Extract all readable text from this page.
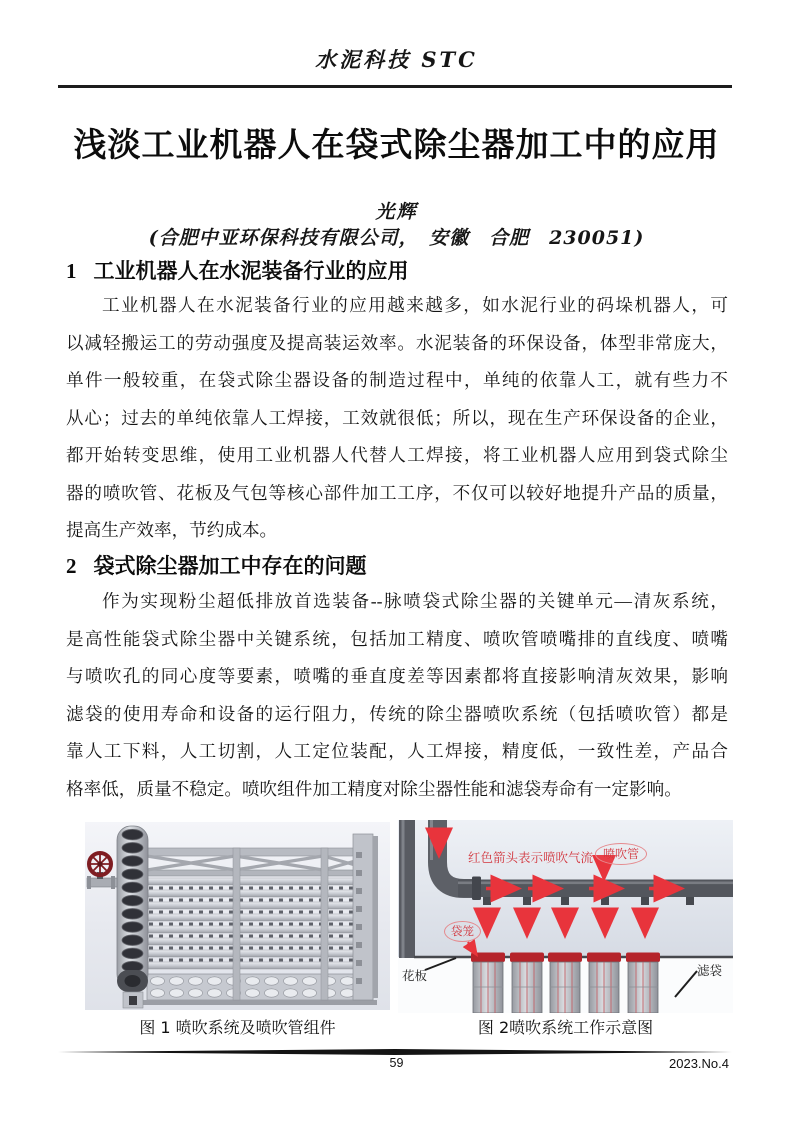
水泥科技 STC
浅淡工业机器人在袋式除尘器加工中的应用
光辉
(合肥中亚环保科技有限公司，　安徽　合肥　230051)
1 工业机器人在水泥装备行业的应用
工业机器人在水泥装备行业的应用越来越多，如水泥行业的码垛机器人，可
以减轻搬运工的劳动强度及提高装运效率。水泥装备的环保设备，体型非常庞大，
单件一般较重，在袋式除尘器设备的制造过程中，单纯的依靠人工，就有些力不
从心；过去的单纯依靠人工焊接，工效就很低；所以，现在生产环保设备的企业，
都开始转变思维，使用工业机器人代替人工焊接，将工业机器人应用到袋式除尘
器的喷吹管、花板及气包等核心部件加工工序，不仅可以较好地提升产品的质量，
提高生产效率，节约成本。
2 袋式除尘器加工中存在的问题
作为实现粉尘超低排放首选装备--脉喷袋式除尘器的关键单元—清灰系统，
是高性能袋式除尘器中关键系统，包括加工精度、喷吹管喷嘴排的直线度、喷嘴
与喷吹孔的同心度等要素，喷嘴的垂直度差等因素都将直接影响清灰效果，影响
滤袋的使用寿命和设备的运行阻力，传统的除尘器喷吹系统（包括喷吹管）都是
靠人工下料，人工切割，人工定位装配，人工焊接，精度低，一致性差，产品合
格率低，质量不稳定。喷吹组件加工精度对除尘器性能和滤袋寿命有一定影响。
图 1 喷吹系统及喷吹管组件
红色箭头表示喷吹气流 喷吹管
袋笼
花板	滤袋
图 2喷吹系统工作示意图
59	2023.No.4
